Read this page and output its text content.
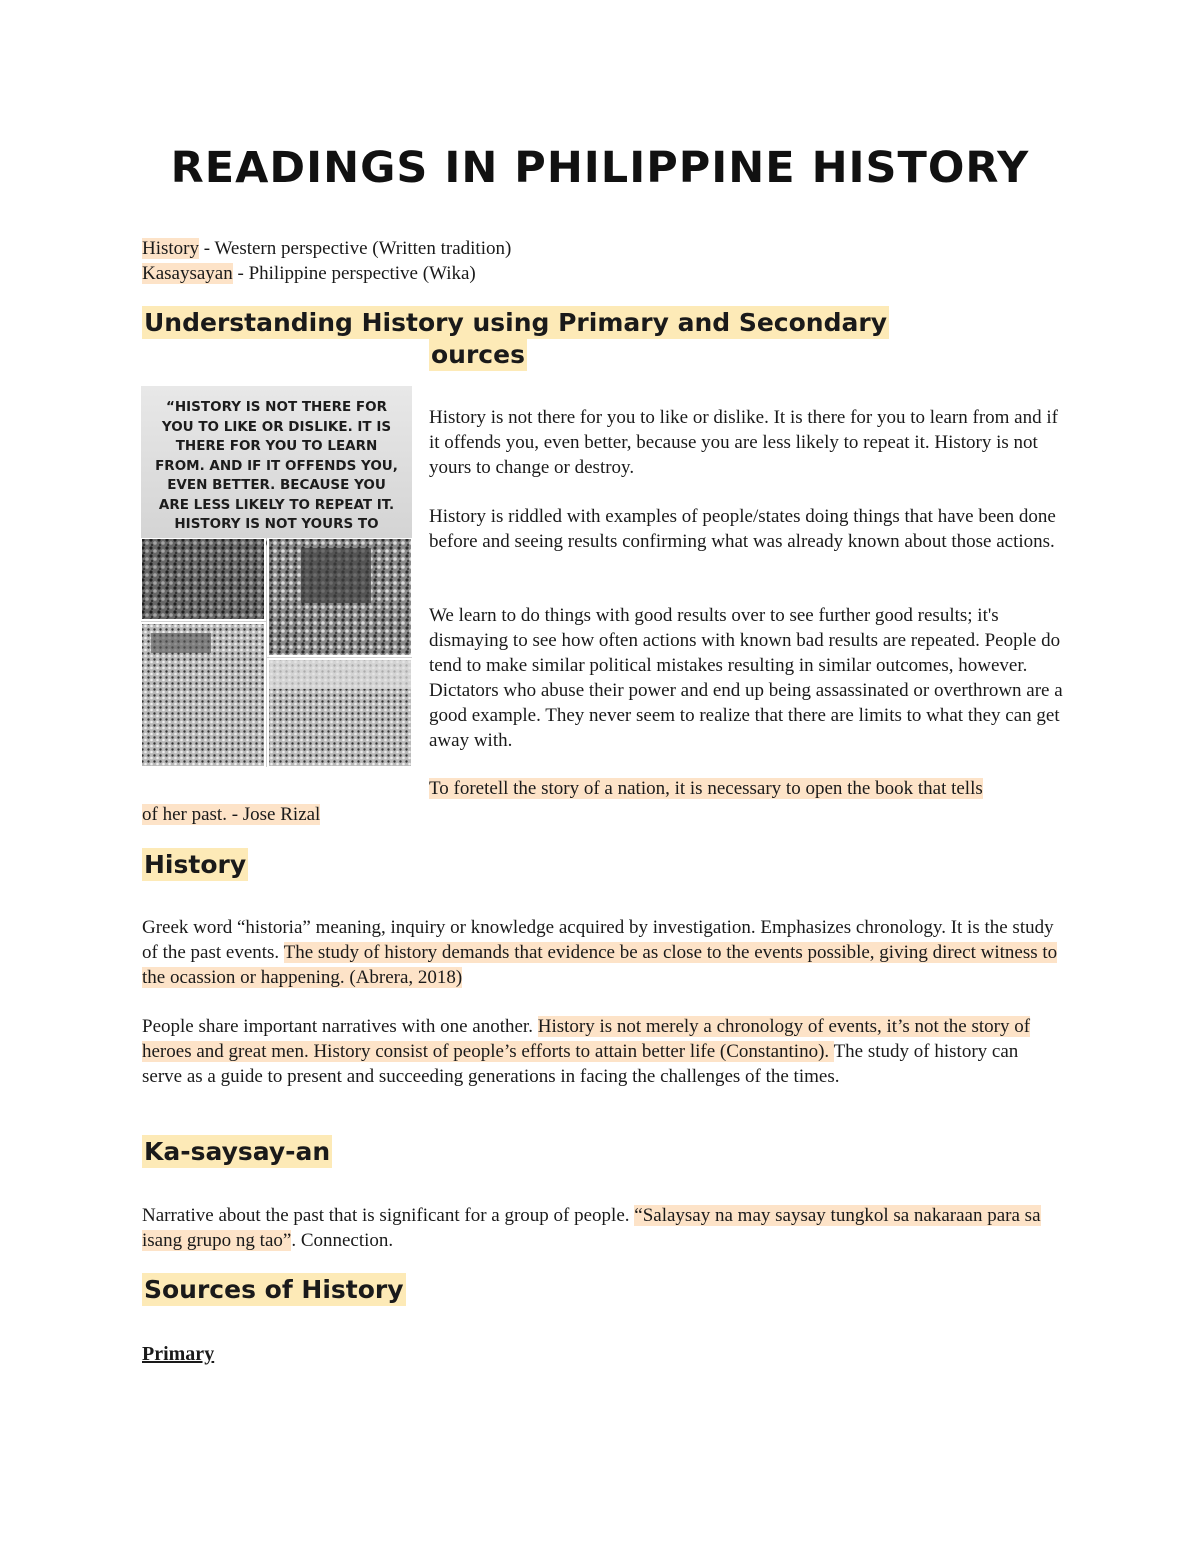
READINGS IN PHILIPPINE HISTORY
History - Western perspective (Written tradition)
Kasaysayan - Philippine perspective (Wika)
Understanding History using Primary and Secondary
ources
“HISTORY IS NOT THERE FOR YOU TO LIKE OR DISLIKE. IT IS THERE FOR YOU TO LEARN FROM. AND IF IT OFFENDS YOU, EVEN BETTER. BECAUSE YOU ARE LESS LIKELY TO REPEAT IT. HISTORY IS NOT YOURS TO OR
History is not there for you to like or dislike. It is there for you to learn from and if it offends you, even better, because you are less likely to repeat it. History is not yours to change or destroy.
History is riddled with examples of people/states doing things that have been done before and seeing results confirming what was already known about those actions.
We learn to do things with good results over to see further good results; it's dismaying to see how often actions with known bad results are repeated. People do tend to make similar political mistakes resulting in similar outcomes, however. Dictators who abuse their power and end up being assassinated or overthrown are a good example. They never seem to realize that there are limits to what they can get away with.
To foretell the story of a nation, it is necessary to open the book that tells
of her past. - Jose Rizal
History
Greek word “historia” meaning, inquiry or knowledge acquired by investigation. Emphasizes chronology. It is the study of the past events. The study of history demands that evidence be as close to the events possible, giving direct witness to the ocassion or happening. (Abrera, 2018)
People share important narratives with one another. History is not merely a chronology of events, it’s not the story of heroes and great men. History consist of people’s efforts to attain better life (Constantino). The study of history can serve as a guide to present and succeeding generations in facing the challenges of the times.
Ka-saysay-an
Narrative about the past that is significant for a group of people. “Salaysay na may saysay tungkol sa nakaraan para sa isang grupo ng tao”. Connection.
Sources of History
Primary
